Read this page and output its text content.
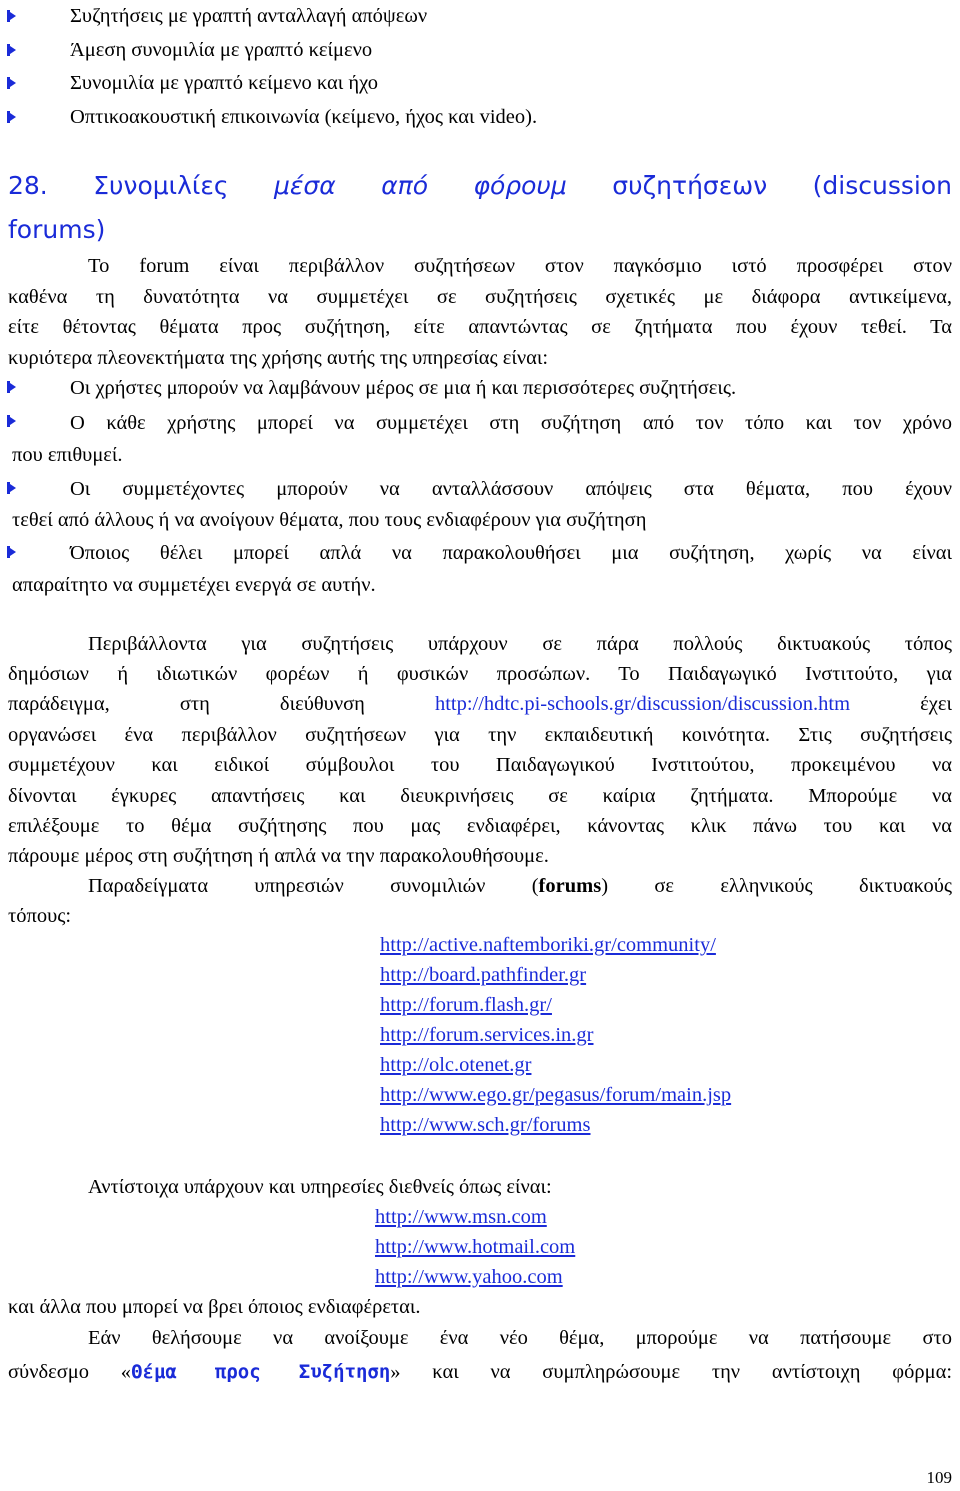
Συζητήσεις με γραπτή ανταλλαγή απόψεων
Άμεση συνομιλία με γραπτό κείμενο
Συνομιλία με γραπτό κείμενο και ήχο
Οπτικοακουστική επικοινωνία (κείμενο, ήχος και video).
28. Συνομιλίες μέσα από φόρουμ συζητήσεων (discussion
forums)
Το forum είναι περιβάλλον συζητήσεων στον παγκόσμιο ιστό προσφέρει στον
καθένα τη δυνατότητα να συμμετέχει σε συζητήσεις σχετικές με διάφορα αντικείμενα,
είτε θέτοντας θέματα προς συζήτηση, είτε απαντώντας σε ζητήματα που έχουν τεθεί. Τα
κυριότερα πλεονεκτήματα της χρήσης αυτής της υπηρεσίας είναι:
Οι χρήστες μπορούν να λαμβάνουν μέρος σε μια ή και περισσότερες συζητήσεις.
Ο κάθε χρήστης μπορεί να συμμετέχει στη συζήτηση από τον τόπο και τον χρόνο
που επιθυμεί.
Οι συμμετέχοντες μπορούν να ανταλλάσσουν απόψεις στα θέματα, που έχουν
τεθεί από άλλους ή να ανοίγουν θέματα, που τους ενδιαφέρουν για συζήτηση
Όποιος θέλει μπορεί απλά να παρακολουθήσει μια συζήτηση, χωρίς να είναι
απαραίτητο να συμμετέχει ενεργά σε αυτήν.
Περιβάλλοντα για συζητήσεις υπάρχουν σε πάρα πολλούς δικτυακούς τόπος
δημόσιων ή ιδιωτικών φορέων ή φυσικών προσώπων. Το Παιδαγωγικό Ινστιτούτο, για
παράδειγμα, στη διεύθυνση	http://hdtc.pi-schools.gr/discussion/discussion.htm	έχει
οργανώσει ένα περιβάλλον συζητήσεων για την εκπαιδευτική κοινότητα. Στις συζητήσεις
συμμετέχουν και ειδικοί σύμβουλοι του Παιδαγωγικού Ινστιτούτου, προκειμένου να
δίνονται έγκυρες απαντήσεις και διευκρινήσεις σε καίρια ζητήματα. Μπορούμε να
επιλέξουμε το θέμα συζήτησης που μας ενδιαφέρει, κάνοντας κλικ πάνω του και να
πάρουμε μέρος στη συζήτηση ή απλά να την παρακολουθήσουμε.
Παραδείγματα υπηρεσιών συνομιλιών (forums) σε ελληνικούς δικτυακούς
τόπους:
http://active.naftemboriki.gr/community/
http://board.pathfinder.gr
http://forum.flash.gr/
http://forum.services.in.gr
http://olc.otenet.gr
http://www.ego.gr/pegasus/forum/main.jsp
http://www.sch.gr/forums
Αντίστοιχα υπάρχουν και υπηρεσίες διεθνείς όπως είναι:
http://www.msn.com
http://www.hotmail.com
http://www.yahoo.com
και άλλα που μπορεί να βρει όποιος ενδιαφέρεται.
Εάν θελήσουμε να ανοίξουμε ένα νέο θέμα, μπορούμε να πατήσουμε στο
σύνδεσμο «Θέμα προς Συζήτηση» και να συμπληρώσουμε την αντίστοιχη φόρμα:
109
